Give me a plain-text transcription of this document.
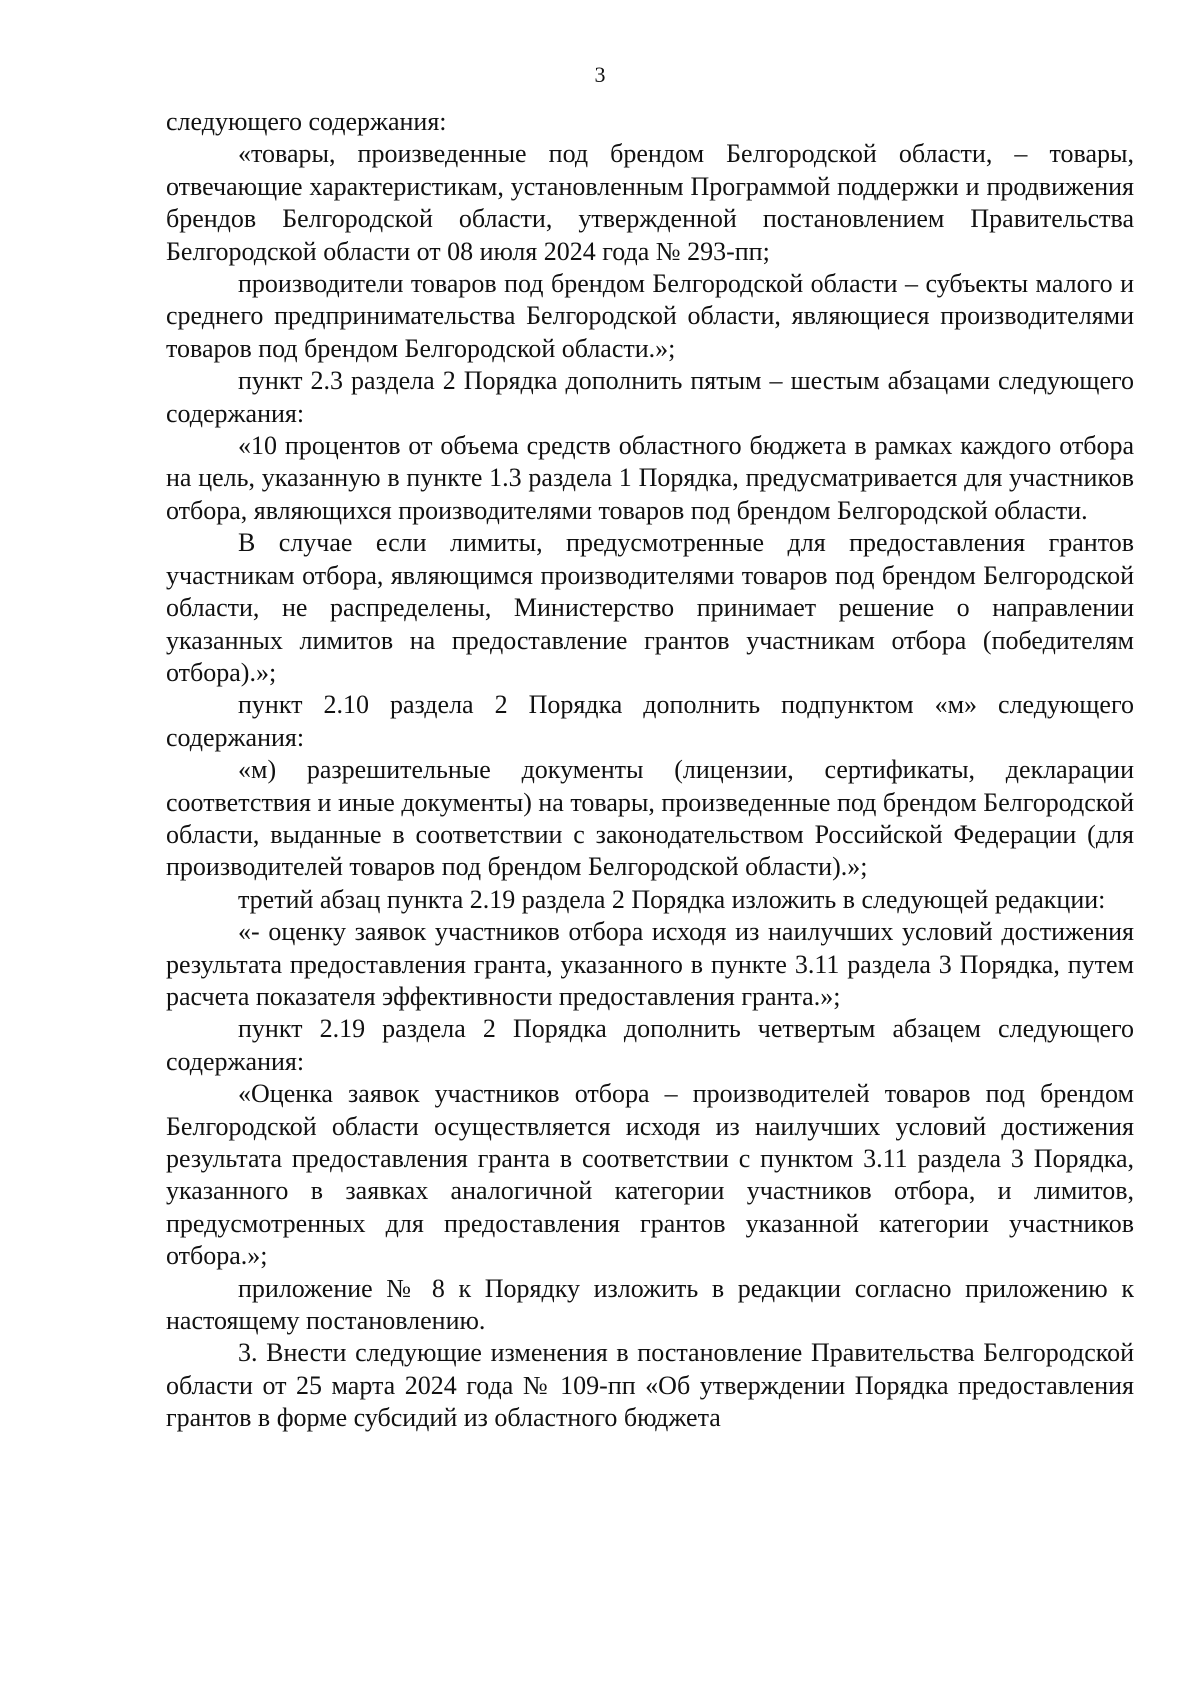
3

следующего содержания:

«товары, произведенные под брендом Белгородской области, – товары, отвечающие характеристикам, установленным Программой поддержки и продвижения брендов Белгородской области, утвержденной постановлением Правительства Белгородской области от 08 июля 2024 года № 293-пп;

производители товаров под брендом Белгородской области – субъекты малого и среднего предпринимательства Белгородской области, являющиеся производителями товаров под брендом Белгородской области.»;

пункт 2.3 раздела 2 Порядка дополнить пятым – шестым абзацами следующего содержания:

«10 процентов от объема средств областного бюджета в рамках каждого отбора на цель, указанную в пункте 1.3 раздела 1 Порядка, предусматривается для участников отбора, являющихся производителями товаров под брендом Белгородской области.

В случае если лимиты, предусмотренные для предоставления грантов участникам отбора, являющимся производителями товаров под брендом Белгородской области, не распределены, Министерство принимает решение о направлении указанных лимитов на предоставление грантов участникам отбора (победителям отбора).»;

пункт 2.10 раздела 2 Порядка дополнить подпунктом «м» следующего содержания:

«м) разрешительные документы (лицензии, сертификаты, декларации соответствия и иные документы) на товары, произведенные под брендом Белгородской области, выданные в соответствии с законодательством Российской Федерации (для производителей товаров под брендом Белгородской области).»;

третий абзац пункта 2.19 раздела 2 Порядка изложить в следующей редакции:

«- оценку заявок участников отбора исходя из наилучших условий достижения результата предоставления гранта, указанного в пункте 3.11 раздела 3 Порядка, путем расчета показателя эффективности предоставления гранта.»;

пункт 2.19 раздела 2 Порядка дополнить четвертым абзацем следующего содержания:

«Оценка заявок участников отбора – производителей товаров под брендом Белгородской области осуществляется исходя из наилучших условий достижения результата предоставления гранта в соответствии с пунктом 3.11 раздела 3 Порядка, указанного в заявках аналогичной категории участников отбора, и лимитов, предусмотренных для предоставления грантов указанной категории участников отбора.»;

приложение № 8 к Порядку изложить в редакции согласно приложению к настоящему постановлению.

3. Внести следующие изменения в постановление Правительства Белгородской области от 25 марта 2024 года № 109-пп «Об утверждении Порядка предоставления грантов в форме субсидий из областного бюджета
